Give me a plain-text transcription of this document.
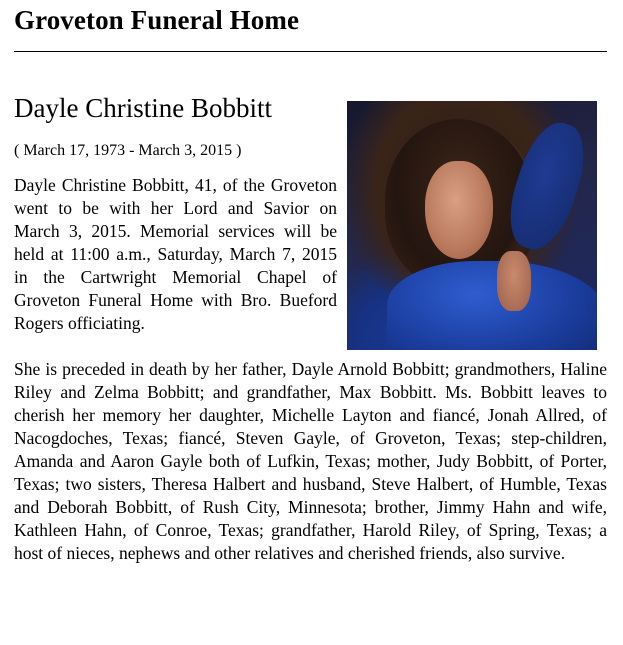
Groveton Funeral Home
Dayle Christine Bobbitt

( March 17, 1973 - March 3, 2015 )

Dayle Christine Bobbitt, 41, of the Groveton went to be with her Lord and Savior on March 3, 2015. Memorial services will be held at 11:00 a.m., Saturday, March 7, 2015 in the Cartwright Memorial Chapel of Groveton Funeral Home with Bro. Bueford Rogers officiating.

She is preceded in death by her father, Dayle Arnold Bobbitt; grandmothers, Haline Riley and Zelma Bobbitt; and grandfather, Max Bobbitt. Ms. Bobbitt leaves to cherish her memory her daughter, Michelle Layton and fiancé, Jonah Allred, of Nacogdoches, Texas; fiancé, Steven Gayle, of Groveton, Texas; step-children, Amanda and Aaron Gayle both of Lufkin, Texas; mother, Judy Bobbitt, of Porter, Texas; two sisters, Theresa Halbert and husband, Steve Halbert, of Humble, Texas and Deborah Bobbitt, of Rush City, Minnesota; brother, Jimmy Hahn and wife, Kathleen Hahn, of Conroe, Texas; grandfather, Harold Riley, of Spring, Texas; a host of nieces, nephews and other relatives and cherished friends, also survive.
